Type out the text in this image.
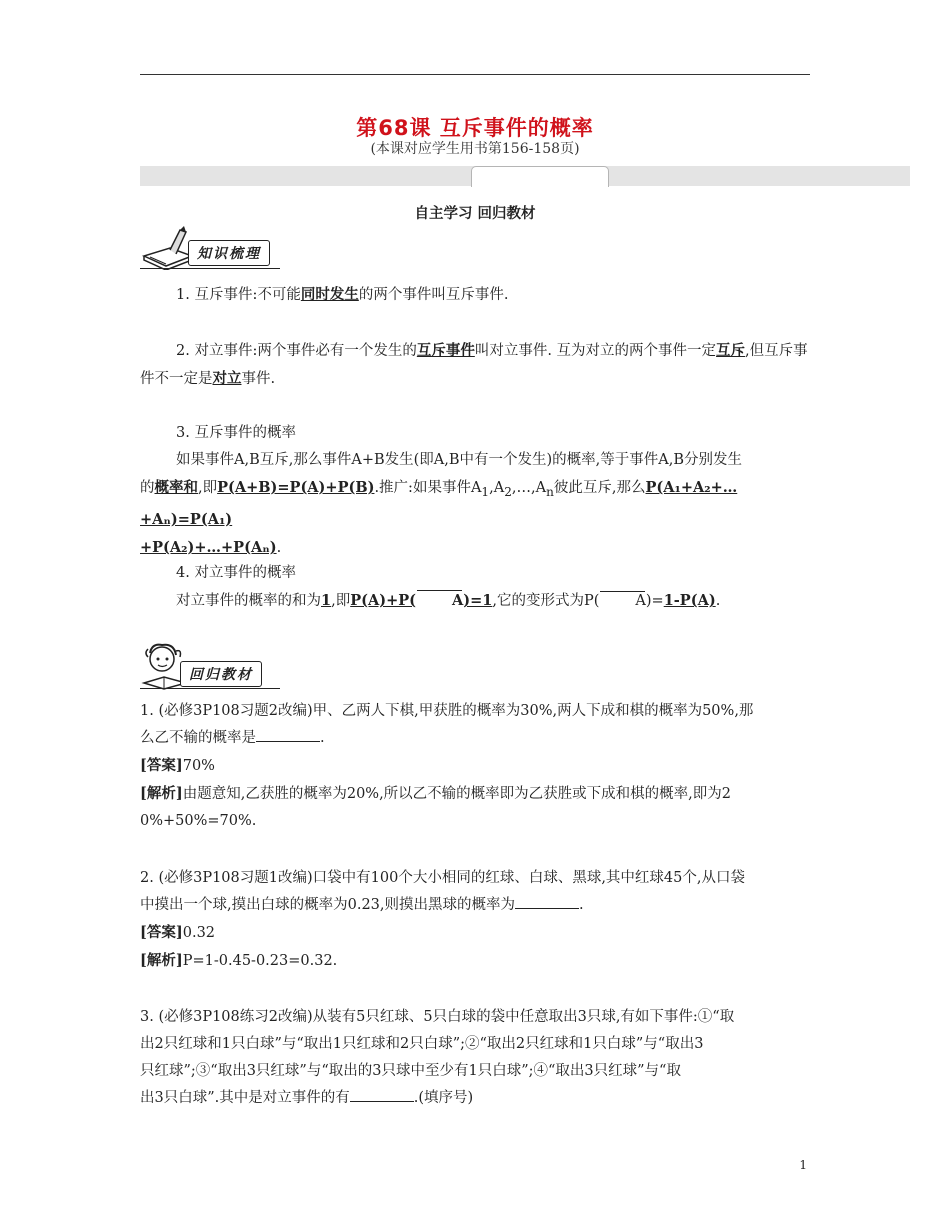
第68课 互斥事件的概率
(本课对应学生用书第156-158页)
自主学习 回归教材
知识梳理
1. 互斥事件:不可能同时发生的两个事件叫互斥事件.
2. 对立事件:两个事件必有一个发生的互斥事件叫对立事件. 互为对立的两个事件一定互斥,但互斥事件不一定是对立事件.
3. 互斥事件的概率
如果事件A,B互斥,那么事件A+B发生(即A,B中有一个发生)的概率,等于事件A,B分别发生
的概率和,即P(A+B)=P(A)+P(B).推广:如果事件$A_1,A_2,\dots,A_n$彼此互斥,那么P(A₁+A₂+…+Aₙ)=P(A₁)
+P(A₂)+…+P(Aₙ).
4. 对立事件的概率
对立事件的概率的和为1,即P(A)+P( A)=1,它的变形式为P( A)=1-P(A).
回归教材
1. (必修3P108习题2改编)甲、乙两人下棋,甲获胜的概率为30%,两人下成和棋的概率为50%,那
么乙不输的概率是	.
[答案]70%
[解析]由题意知,乙获胜的概率为20%,所以乙不输的概率即为乙获胜或下成和棋的概率,即为2
0%+50%=70%.
2. (必修3P108习题1改编)口袋中有100个大小相同的红球、白球、黑球,其中红球45个,从口袋
中摸出一个球,摸出白球的概率为0.23,则摸出黑球的概率为	.
[答案]0.32
[解析]P=1-0.45-0.23=0.32.
3. (必修3P108练习2改编)从装有5只红球、5只白球的袋中任意取出3只球,有如下事件:①“取
出2只红球和1只白球”与“取出1只红球和2只白球”;②“取出2只红球和1只白球”与“取出3
只红球”;③“取出3只红球”与“取出的3只球中至少有1只白球”;④“取出3只红球”与“取
出3只白球”.其中是对立事件的有	.(填序号)
1
